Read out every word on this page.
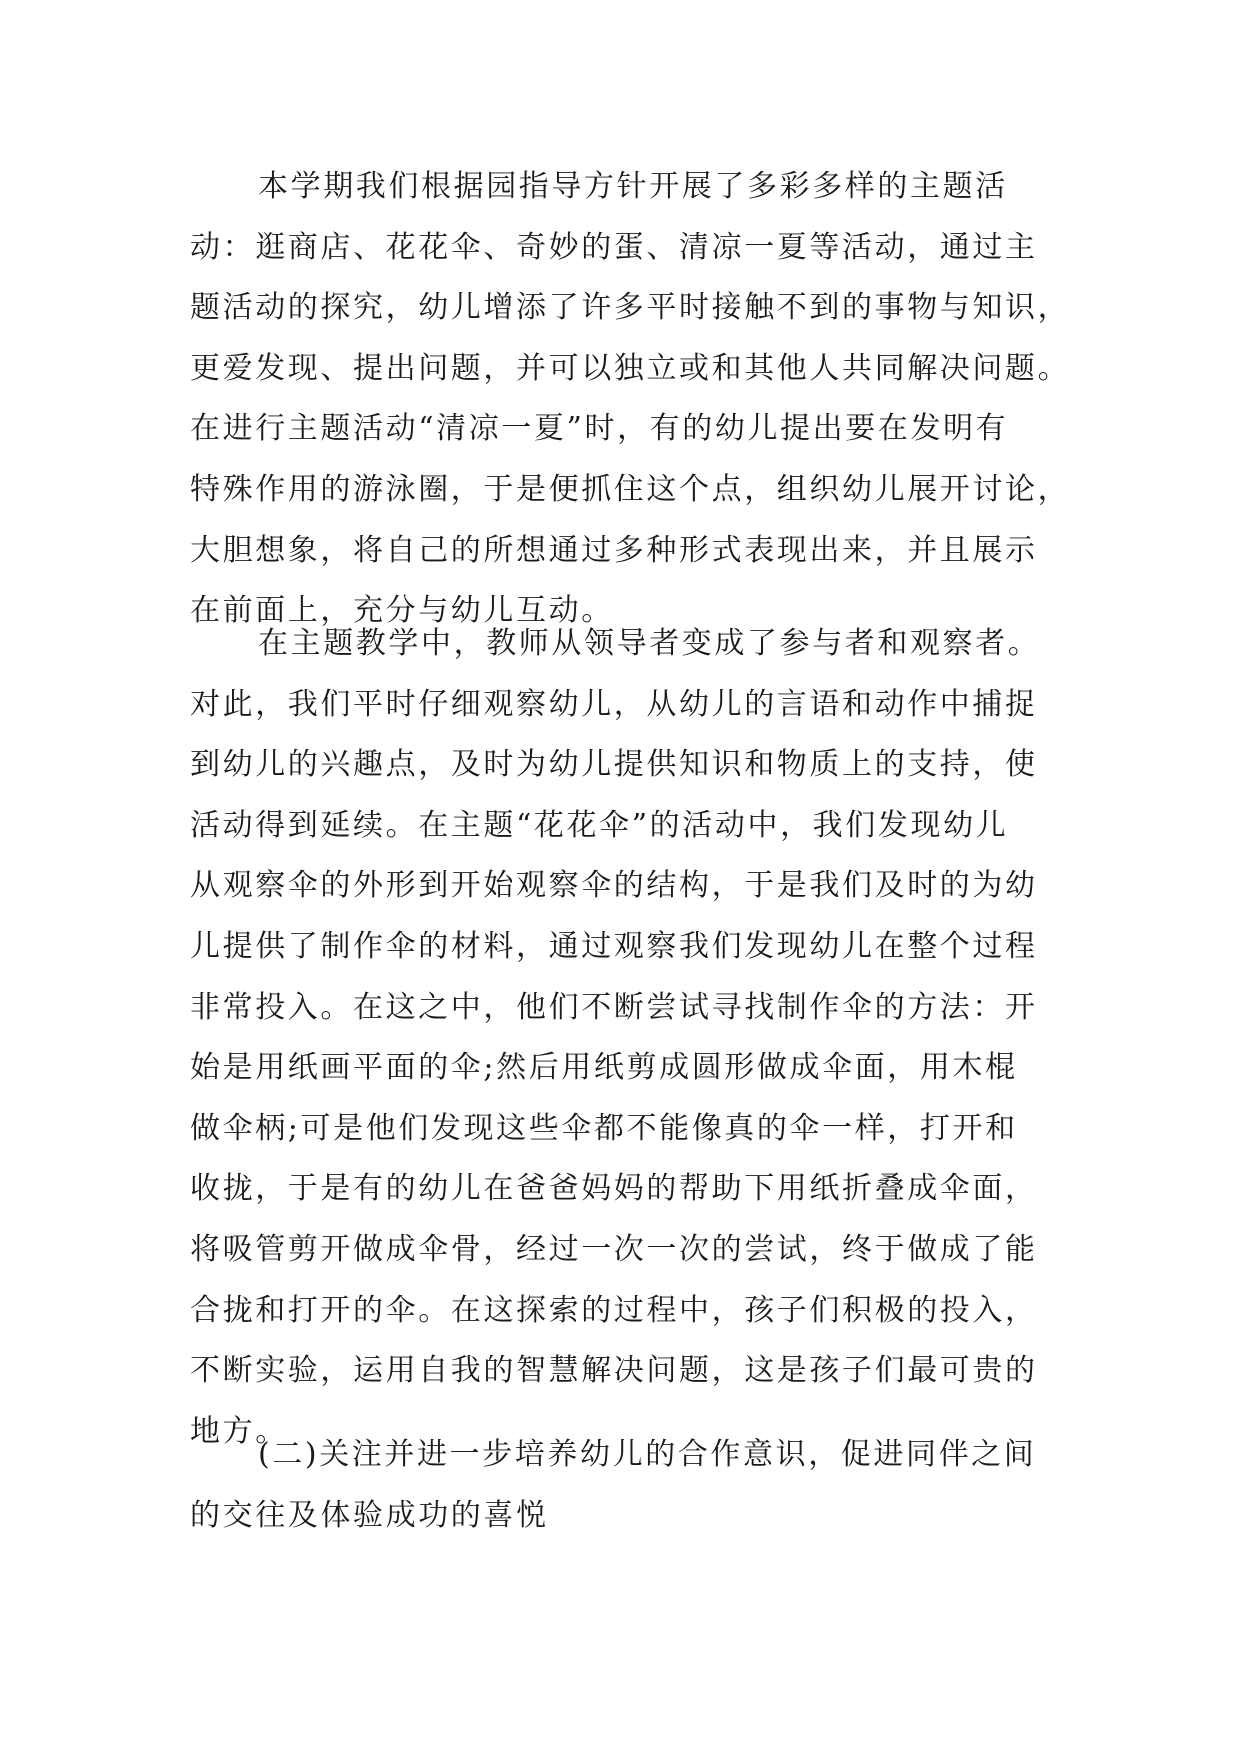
本学期我们根据园指导方针开展了多彩多样的主题活
动：逛商店、花花伞、奇妙的蛋、清凉一夏等活动，通过主
题活动的探究，幼儿增添了许多平时接触不到的事物与知识，
更爱发现、提出问题，并可以独立或和其他人共同解决问题。
在进行主题活动“清凉一夏”时，有的幼儿提出要在发明有
特殊作用的游泳圈，于是便抓住这个点，组织幼儿展开讨论，
大胆想象，将自己的所想通过多种形式表现出来，并且展示
在前面上，充分与幼儿互动。
在主题教学中，教师从领导者变成了参与者和观察者。
对此，我们平时仔细观察幼儿，从幼儿的言语和动作中捕捉
到幼儿的兴趣点，及时为幼儿提供知识和物质上的支持，使
活动得到延续。在主题“花花伞”的活动中，我们发现幼儿
从观察伞的外形到开始观察伞的结构，于是我们及时的为幼
儿提供了制作伞的材料，通过观察我们发现幼儿在整个过程
非常投入。在这之中，他们不断尝试寻找制作伞的方法：开
始是用纸画平面的伞;然后用纸剪成圆形做成伞面，用木棍
做伞柄;可是他们发现这些伞都不能像真的伞一样，打开和
收拢，于是有的幼儿在爸爸妈妈的帮助下用纸折叠成伞面，
将吸管剪开做成伞骨，经过一次一次的尝试，终于做成了能
合拢和打开的伞。在这探索的过程中，孩子们积极的投入，
不断实验，运用自我的智慧解决问题，这是孩子们最可贵的
地方。
(二)关注并进一步培养幼儿的合作意识，促进同伴之间
的交往及体验成功的喜悦
